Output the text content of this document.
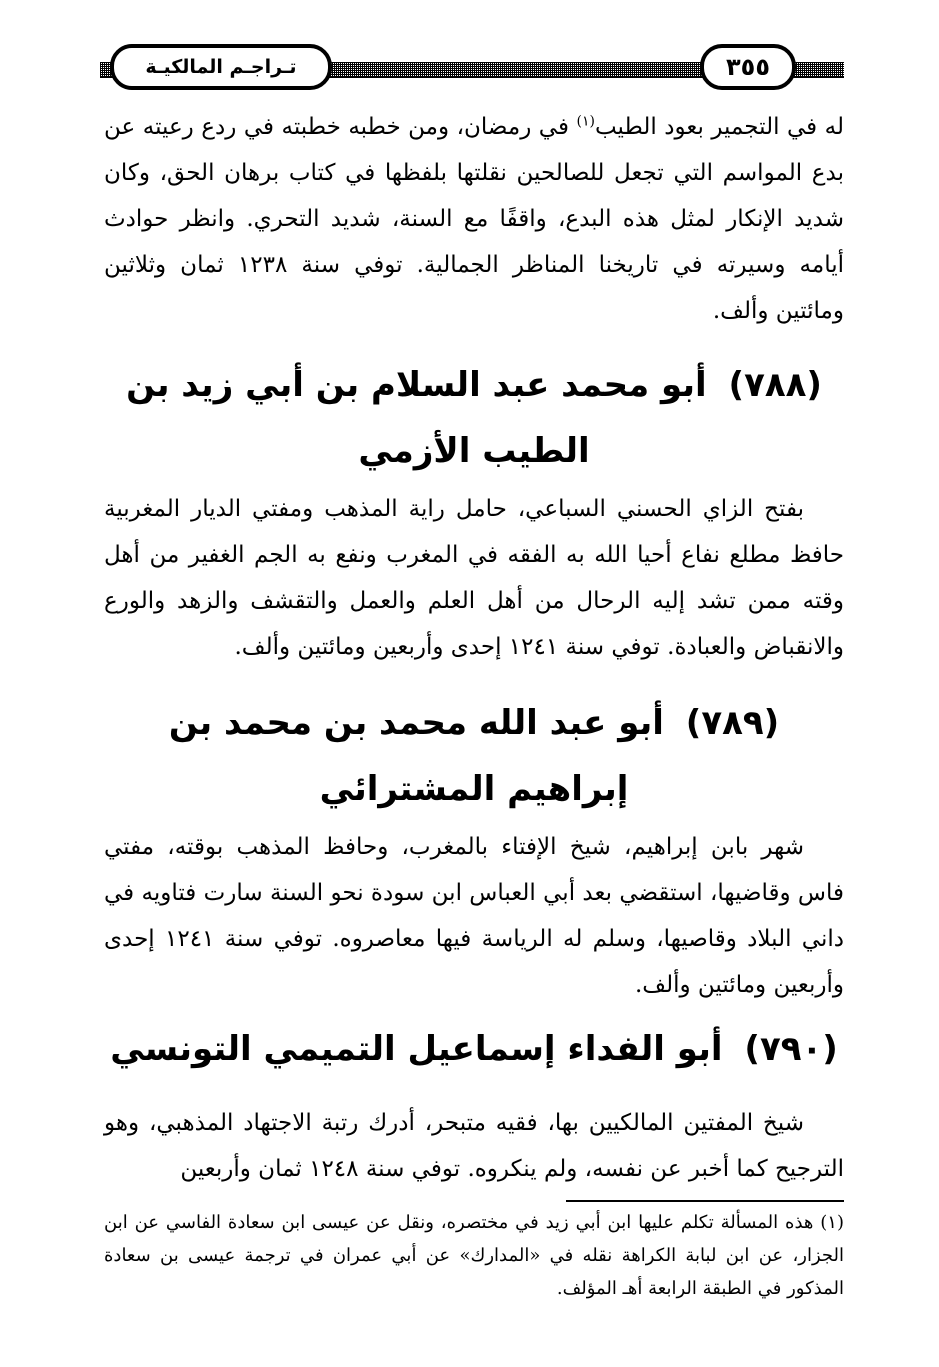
تـراجـم المالكيـة	٣٥٥
له في التجمير بعود الطيب$^{(١)}$ في رمضان، ومن خطبه خطبته في ردع رعيته عن بدع المواسم التي تجعل للصالحين نقلتها بلفظها في كتاب برهان الحق، وكان شديد الإنكار لمثل هذه البدع، واقفًا مع السنة، شديد التحري. وانظر حوادث أيامه وسيرته في تاريخنا المناظر الجمالية. توفي سنة ١٢٣٨ ثمان وثلاثين ومائتين وألف.
(٧٨٨) أبو محمد عبد السلام بن أبي زيد بن الطيب الأزمي
بفتح الزاي الحسني السباعي، حامل راية المذهب ومفتي الديار المغربية حافظ مطلع نفاع أحيا الله به الفقه في المغرب ونفع به الجم الغفير من أهل وقته ممن تشد إليه الرحال من أهل العلم والعمل والتقشف والزهد والورع والانقباض والعبادة. توفي سنة ١٢٤١ إحدى وأربعين ومائتين وألف.
(٧٨٩) أبو عبد الله محمد بن محمد بن إبراهيم المشترائي
شهر بابن إبراهيم، شيخ الإفتاء بالمغرب، وحافظ المذهب بوقته، مفتي فاس وقاضيها، استقضي بعد أبي العباس ابن سودة نحو السنة سارت فتاويه في داني البلاد وقاصيها، وسلم له الرياسة فيها معاصروه. توفي سنة ١٢٤١ إحدى وأربعين ومائتين وألف.
(٧٩٠) أبو الفداء إسماعيل التميمي التونسي
شيخ المفتين المالكيين بها، فقيه متبحر، أدرك رتبة الاجتهاد المذهبي، وهو الترجيح كما أخبر عن نفسه، ولم ينكروه. توفي سنة ١٢٤٨ ثمان وأربعين
(١) هذه المسألة تكلم عليها ابن أبي زيد في مختصره، ونقل عن عيسى ابن سعادة الفاسي عن ابن الجزار، عن ابن لبابة الكراهة نقله في «المدارك» عن أبي عمران في ترجمة عيسى بن سعادة المذكور في الطبقة الرابعة أهـ المؤلف.
